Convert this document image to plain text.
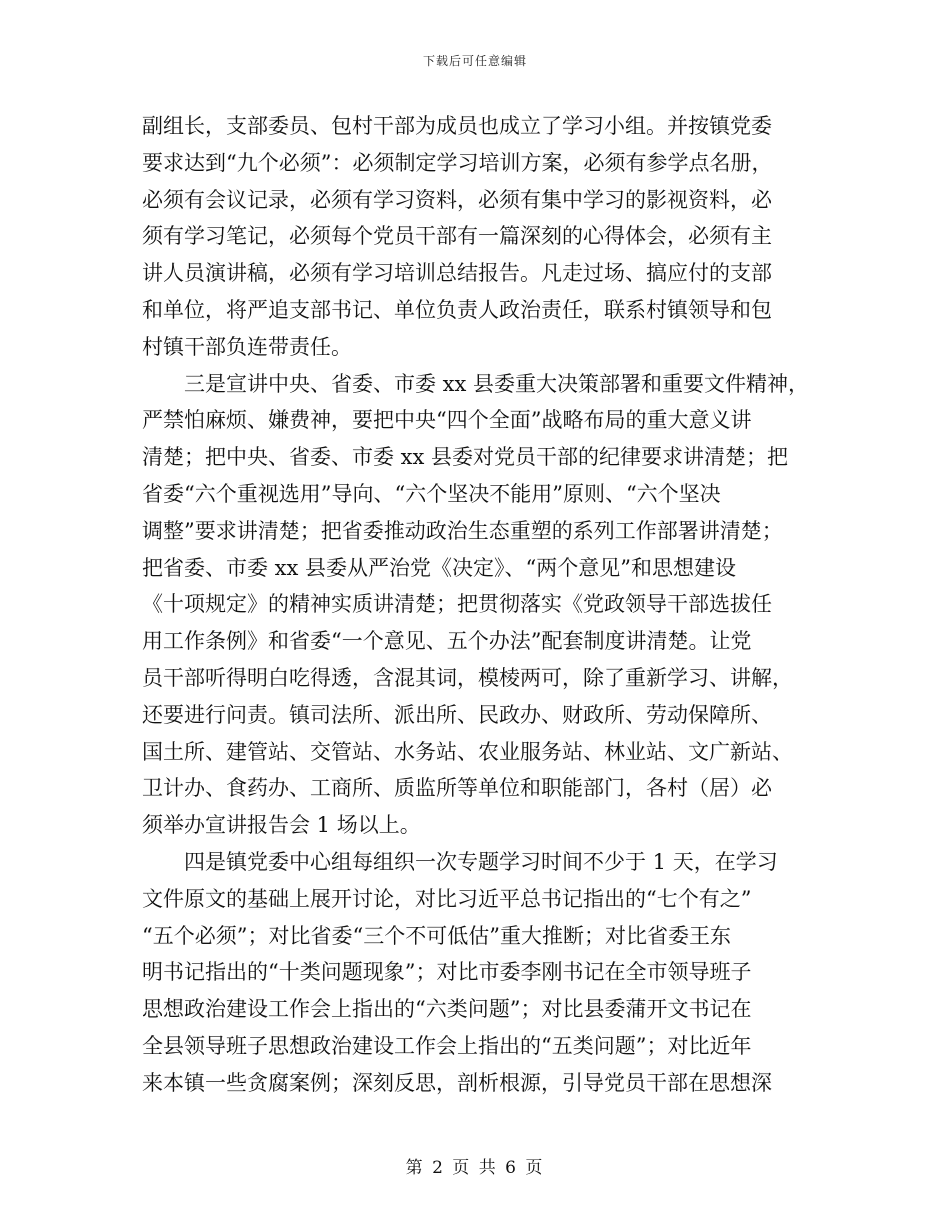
下载后可任意编辑
副组长，支部委员、包村干部为成员也成立了学习小组。并按镇党委
要求达到“九个必须”：必须制定学习培训方案，必须有参学点名册，
必须有会议记录，必须有学习资料，必须有集中学习的影视资料，必
须有学习笔记，必须每个党员干部有一篇深刻的心得体会，必须有主
讲人员演讲稿，必须有学习培训总结报告。凡走过场、搞应付的支部
和单位，将严追支部书记、单位负责人政治责任，联系村镇领导和包
村镇干部负连带责任。
三是宣讲中央、省委、市委 xx 县委重大决策部署和重要文件精神，
严禁怕麻烦、嫌费神，要把中央“四个全面”战略布局的重大意义讲
清楚；把中央、省委、市委 xx 县委对党员干部的纪律要求讲清楚；把
省委“六个重视选用”导向、“六个坚决不能用”原则、“六个坚决
调整”要求讲清楚；把省委推动政治生态重塑的系列工作部署讲清楚；
把省委、市委 xx 县委从严治党《决定》、“两个意见”和思想建设
《十项规定》的精神实质讲清楚；把贯彻落实《党政领导干部选拔任
用工作条例》和省委“一个意见、五个办法”配套制度讲清楚。让党
员干部听得明白吃得透，含混其词，模棱两可，除了重新学习、讲解，
还要进行问责。镇司法所、派出所、民政办、财政所、劳动保障所、
国土所、建管站、交管站、水务站、农业服务站、林业站、文广新站、
卫计办、食药办、工商所、质监所等单位和职能部门，各村（居）必
须举办宣讲报告会 1 场以上。
四是镇党委中心组每组织一次专题学习时间不少于 1 天，在学习
文件原文的基础上展开讨论，对比习近平总书记指出的“七个有之”
“五个必须”；对比省委“三个不可低估”重大推断；对比省委王东
明书记指出的“十类问题现象”；对比市委李刚书记在全市领导班子
思想政治建设工作会上指出的“六类问题”；对比县委蒲开文书记在
全县领导班子思想政治建设工作会上指出的“五类问题”；对比近年
来本镇一些贪腐案例；深刻反思，剖析根源，引导党员干部在思想深
第 2 页 共 6 页
